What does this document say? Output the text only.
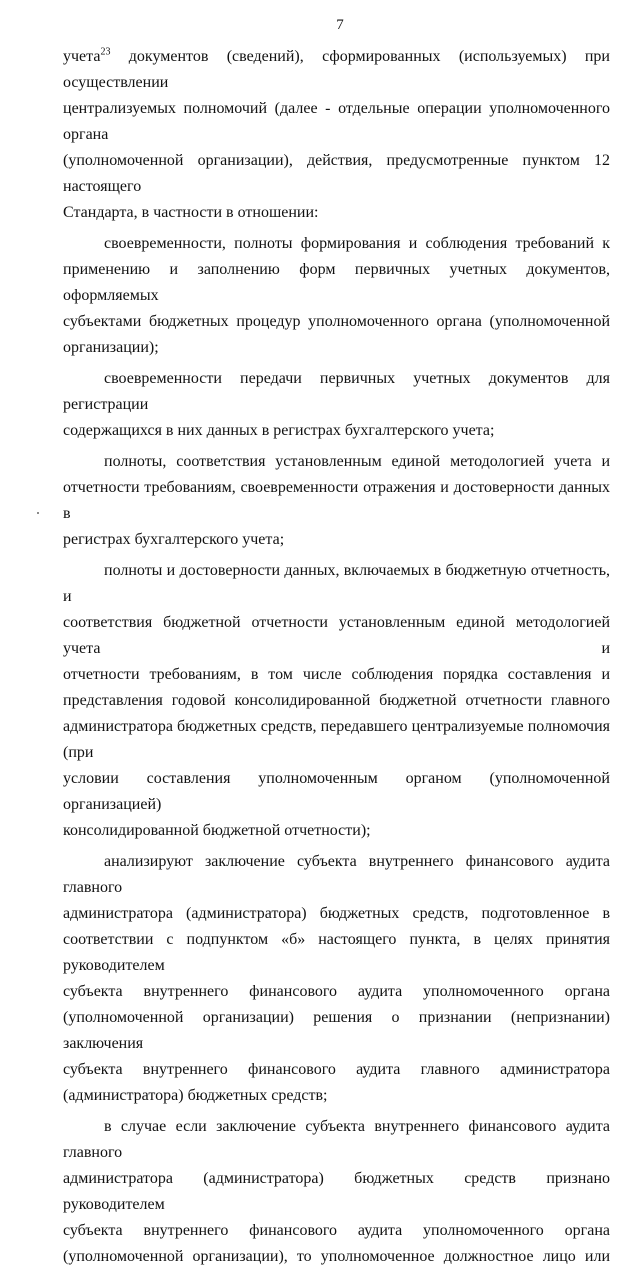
7
учета$^{23}$ документов (сведений), сформированных (используемых) при осуществлении
централизуемых полномочий (далее - отдельные операции уполномоченного органа
(уполномоченной организации), действия, предусмотренные пунктом 12 настоящего
Стандарта, в частности в отношении:
своевременности, полноты формирования и соблюдения требований к
применению и заполнению форм первичных учетных документов, оформляемых
субъектами бюджетных процедур уполномоченного органа (уполномоченной
организации);
своевременности передачи первичных учетных документов для регистрации
содержащихся в них данных в регистрах бухгалтерского учета;
полноты, соответствия установленным единой методологией учета и
отчетности требованиям, своевременности отражения и достоверности данных в
регистрах бухгалтерского учета;
полноты и достоверности данных, включаемых в бюджетную отчетность, и
соответствия бюджетной отчетности установленным единой методологией учета и
отчетности требованиям, в том числе соблюдения порядка составления и
представления годовой консолидированной бюджетной отчетности главного
администратора бюджетных средств, передавшего централизуемые полномочия (при
условии составления уполномоченным органом (уполномоченной организацией)
консолидированной бюджетной отчетности);
анализируют заключение субъекта внутреннего финансового аудита главного
администратора (администратора) бюджетных средств, подготовленное в
соответствии с подпунктом «б» настоящего пункта, в целях принятия руководителем
субъекта внутреннего финансового аудита уполномоченного органа
(уполномоченной организации) решения о признании (непризнании) заключения
субъекта внутреннего финансового аудита главного администратора
(администратора) бюджетных средств;
в случае если заключение субъекта внутреннего финансового аудита главного
администратора (администратора) бюджетных средств признано руководителем
субъекта внутреннего финансового аудита уполномоченного органа
(уполномоченной организации), то уполномоченное должностное лицо или
